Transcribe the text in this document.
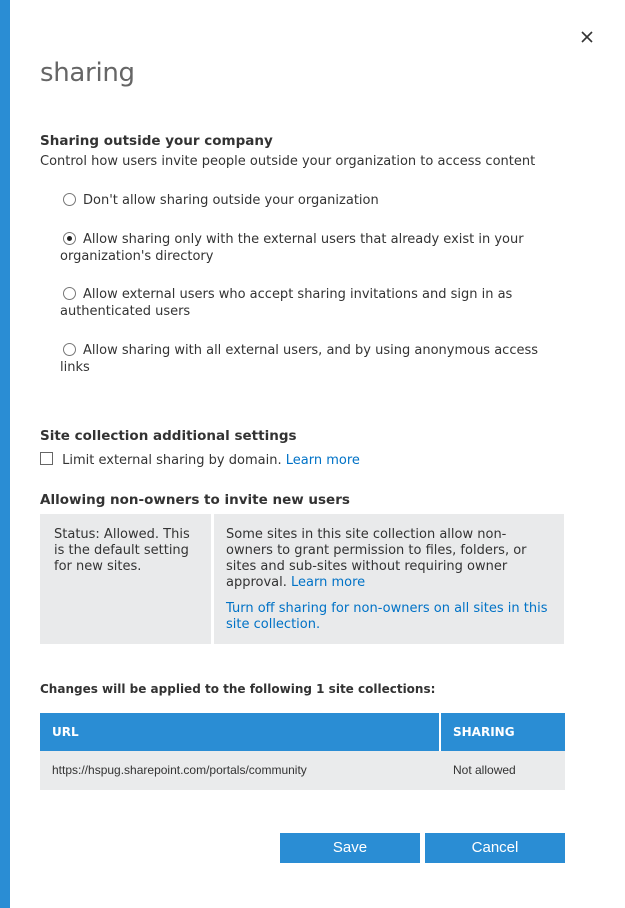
sharing
Sharing outside your company
Control how users invite people outside your organization to access content
Don't allow sharing outside your organization
Allow sharing only with the external users that already exist in your organization's directory
Allow external users who accept sharing invitations and sign in as authenticated users
Allow sharing with all external users, and by using anonymous access links
Site collection additional settings
Limit external sharing by domain. Learn more
Allowing non-owners to invite new users
Status: Allowed. This is the default setting for new sites.
Some sites in this site collection allow non-owners to grant permission to files, folders, or sites and sub-sites without requiring owner approval. Learn more
Turn off sharing for non-owners on all sites in this site collection.
Changes will be applied to the following 1 site collections:
URL	SHARING
https://hspug.sharepoint.com/portals/community	Not allowed
Save	Cancel
